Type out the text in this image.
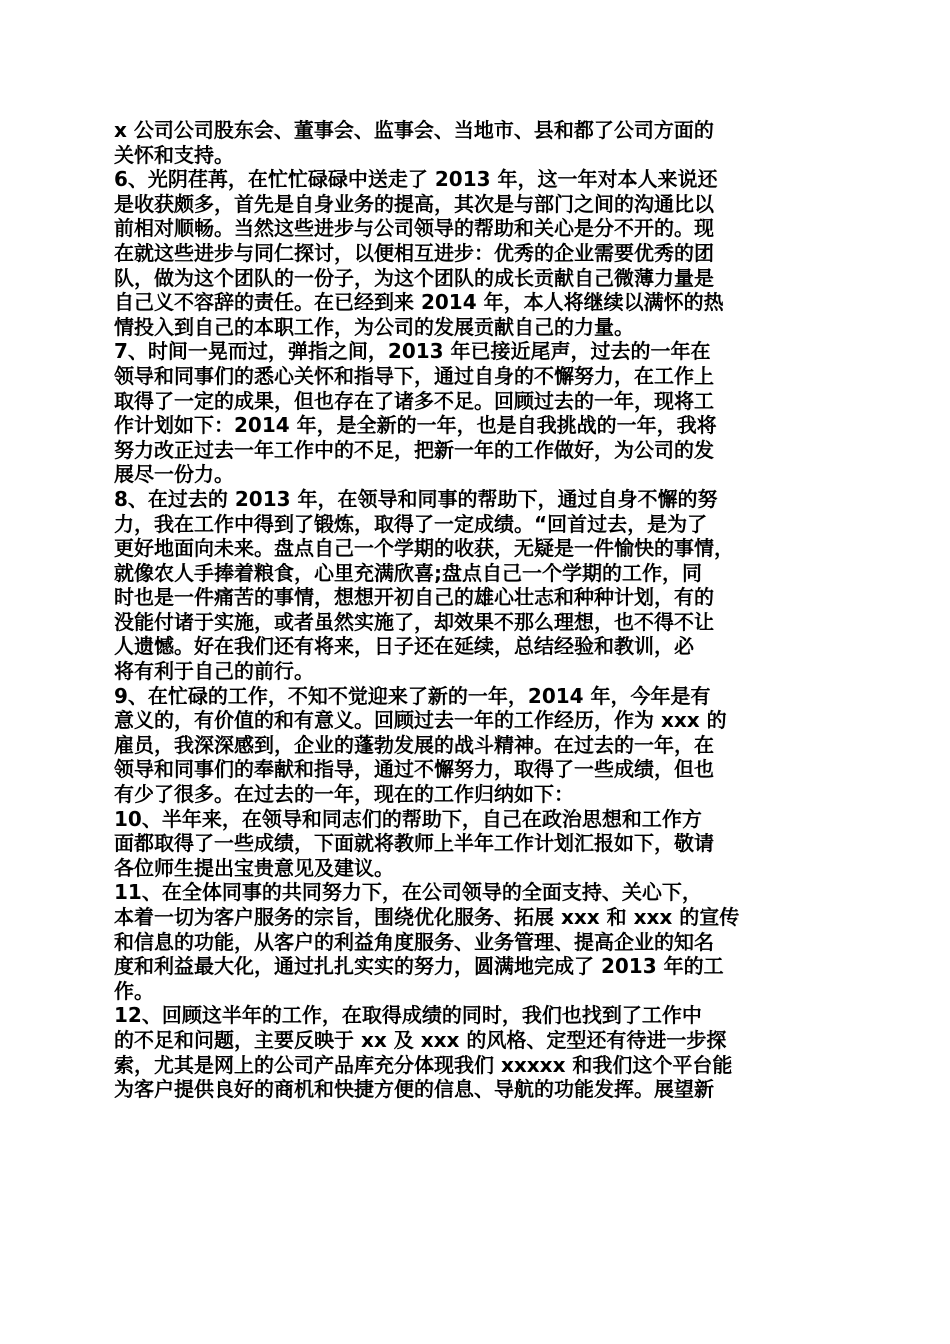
x 公司公司股东会、董事会、监事会、当地市、县和都了公司方面的
关怀和支持。
6、光阴荏苒，在忙忙碌碌中送走了 2013 年，这一年对本人来说还
是收获颇多，首先是自身业务的提高，其次是与部门之间的沟通比以
前相对顺畅。当然这些进步与公司领导的帮助和关心是分不开的。现
在就这些进步与同仁探讨，以便相互进步：优秀的企业需要优秀的团
队，做为这个团队的一份子，为这个团队的成长贡献自己微薄力量是
自己义不容辞的责任。在已经到来 2014 年，本人将继续以满怀的热
情投入到自己的本职工作，为公司的发展贡献自己的力量。
7、时间一晃而过，弹指之间，2013 年已接近尾声，过去的一年在
领导和同事们的悉心关怀和指导下，通过自身的不懈努力，在工作上
取得了一定的成果，但也存在了诸多不足。回顾过去的一年，现将工
作计划如下：2014 年，是全新的一年，也是自我挑战的一年，我将
努力改正过去一年工作中的不足，把新一年的工作做好，为公司的发
展尽一份力。
8、在过去的 2013 年，在领导和同事的帮助下，通过自身不懈的努
力，我在工作中得到了锻炼，取得了一定成绩。“回首过去，是为了
更好地面向未来。盘点自己一个学期的收获，无疑是一件愉快的事情，
就像农人手捧着粮食，心里充满欣喜;盘点自己一个学期的工作，同
时也是一件痛苦的事情，想想开初自己的雄心壮志和种种计划，有的
没能付诸于实施，或者虽然实施了，却效果不那么理想，也不得不让
人遗憾。好在我们还有将来，日子还在延续，总结经验和教训，必
将有利于自己的前行。
9、在忙碌的工作，不知不觉迎来了新的一年，2014 年，今年是有
意义的，有价值的和有意义。回顾过去一年的工作经历，作为 xxx 的
雇员，我深深感到，企业的蓬勃发展的战斗精神。在过去的一年，在
领导和同事们的奉献和指导，通过不懈努力，取得了一些成绩，但也
有少了很多。在过去的一年，现在的工作归纳如下：
10、半年来，在领导和同志们的帮助下，自己在政治思想和工作方
面都取得了一些成绩，下面就将教师上半年工作计划汇报如下，敬请
各位师生提出宝贵意见及建议。
11、在全体同事的共同努力下，在公司领导的全面支持、关心下，
本着一切为客户服务的宗旨，围绕优化服务、拓展 xxx 和 xxx 的宣传
和信息的功能，从客户的利益角度服务、业务管理、提高企业的知名
度和利益最大化，通过扎扎实实的努力，圆满地完成了 2013 年的工
作。
12、回顾这半年的工作，在取得成绩的同时，我们也找到了工作中
的不足和问题，主要反映于 xx 及 xxx 的风格、定型还有待进一步探
索，尤其是网上的公司产品库充分体现我们 xxxxx 和我们这个平台能
为客户提供良好的商机和快捷方便的信息、导航的功能发挥。展望新
